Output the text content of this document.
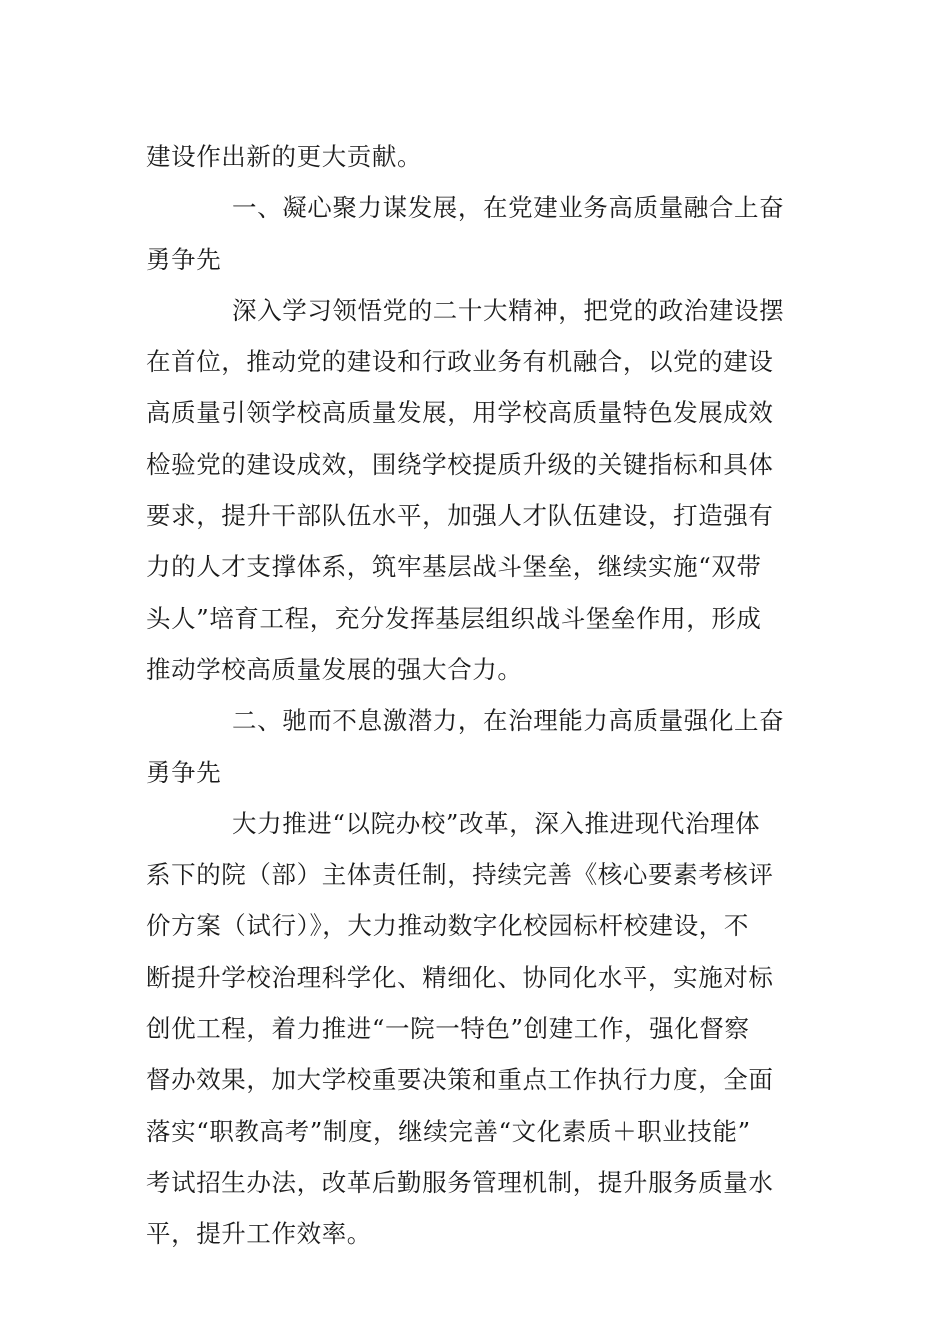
建设作出新的更大贡献。
一、凝心聚力谋发展，在党建业务高质量融合上奋
勇争先
深入学习领悟党的二十大精神，把党的政治建设摆
在首位，推动党的建设和行政业务有机融合，以党的建设
高质量引领学校高质量发展，用学校高质量特色发展成效
检验党的建设成效，围绕学校提质升级的关键指标和具体
要求，提升干部队伍水平，加强人才队伍建设，打造强有
力的人才支撑体系，筑牢基层战斗堡垒，继续实施“双带
头人”培育工程，充分发挥基层组织战斗堡垒作用，形成
推动学校高质量发展的强大合力。
二、驰而不息激潜力，在治理能力高质量强化上奋
勇争先
大力推进“以院办校”改革，深入推进现代治理体
系下的院（部）主体责任制，持续完善《核心要素考核评
价方案（试行）》，大力推动数字化校园标杆校建设，不
断提升学校治理科学化、精细化、协同化水平，实施对标
创优工程，着力推进“一院一特色”创建工作，强化督察
督办效果，加大学校重要决策和重点工作执行力度，全面
落实“职教高考”制度，继续完善“文化素质＋职业技能”
考试招生办法，改革后勤服务管理机制，提升服务质量水
平，提升工作效率。
